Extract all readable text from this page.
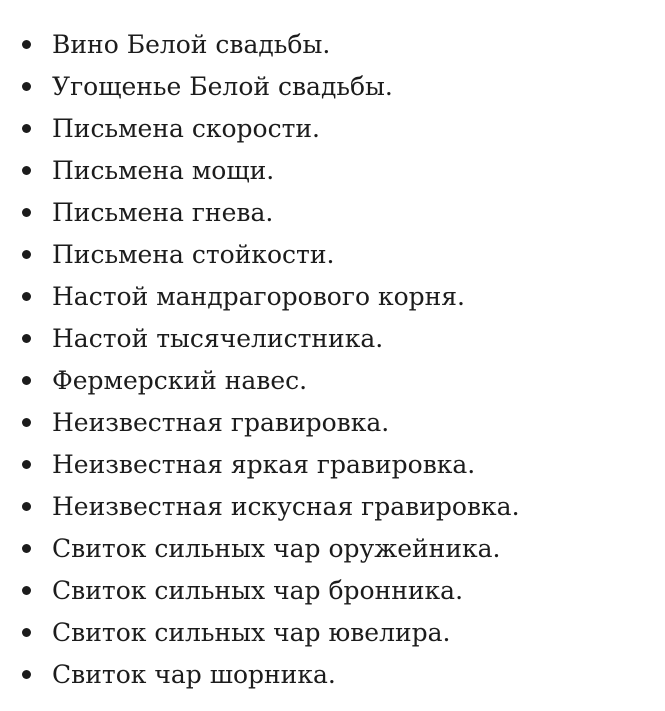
Вино Белой свадьбы.
Угощенье Белой свадьбы.
Письмена скорости.
Письмена мощи.
Письмена гнева.
Письмена стойкости.
Настой мандрагорового корня.
Настой тысячелистника.
Фермерский навес.
Неизвестная гравировка.
Неизвестная яркая гравировка.
Неизвестная искусная гравировка.
Свиток сильных чар оружейника.
Свиток сильных чар бронника.
Свиток сильных чар ювелира.
Свиток чар шорника.
